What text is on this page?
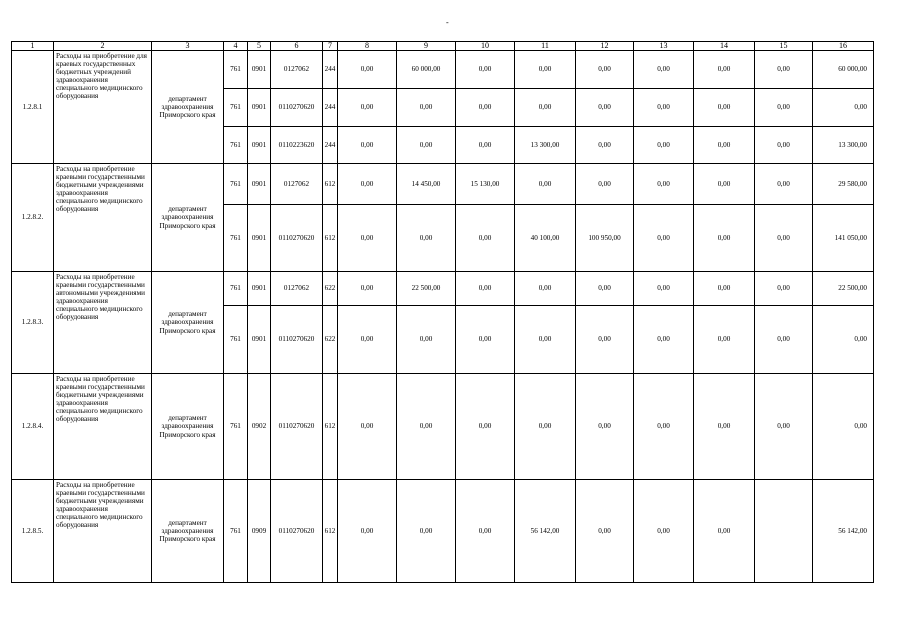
-
1	2	3	4	5	6	7	8	9	10	11	12	13	14	15	16
1.2.8.1	Расходы на приобретение для краевых государственных бюджетных учреждений здравоохранения специального медицинского оборудования	департамент здравоохранения Приморского края	761	0901	0127062	244	0,00	60 000,00	0,00	0,00	0,00	0,00	0,00	0,00	60 000,00
			761	0901	0110270620	244	0,00	0,00	0,00	0,00	0,00	0,00	0,00	0,00	0,00
			761	0901	0110223620	244	0,00	0,00	0,00	13 300,00	0,00	0,00	0,00	0,00	13 300,00
1.2.8.2.	Расходы на приобретение краевыми государственными бюджетными учреждениями здравоохранения специального медицинского оборудования	департамент здравоохранения Приморского края	761	0901	0127062	612	0,00	14 450,00	15 130,00	0,00	0,00	0,00	0,00	0,00	29 580,00
			761	0901	0110270620	612	0,00	0,00	0,00	40 100,00	100 950,00	0,00	0,00	0,00	141 050,00
1.2.8.3.	Расходы на приобретение краевыми государственными автономными учреждениями здравоохранения специального медицинского оборудования	департамент здравоохранения Приморского края	761	0901	0127062	622	0,00	22 500,00	0,00	0,00	0,00	0,00	0,00	0,00	22 500,00
			761	0901	0110270620	622	0,00	0,00	0,00	0,00	0,00	0,00	0,00	0,00	0,00
1.2.8.4.	Расходы на приобретение краевыми государственными бюджетными учреждениями здравоохранения специального медицинского оборудования	департамент здравоохранения Приморского края	761	0902	0110270620	612	0,00	0,00	0,00	0,00	0,00	0,00	0,00	0,00	0,00
1.2.8.5.	Расходы на приобретение краевыми государственными бюджетными учреждениями здравоохранения специального медицинского оборудования	департамент здравоохранения Приморского края	761	0909	0110270620	612	0,00	0,00	0,00	56 142,00	0,00	0,00	0,00		56 142,00
